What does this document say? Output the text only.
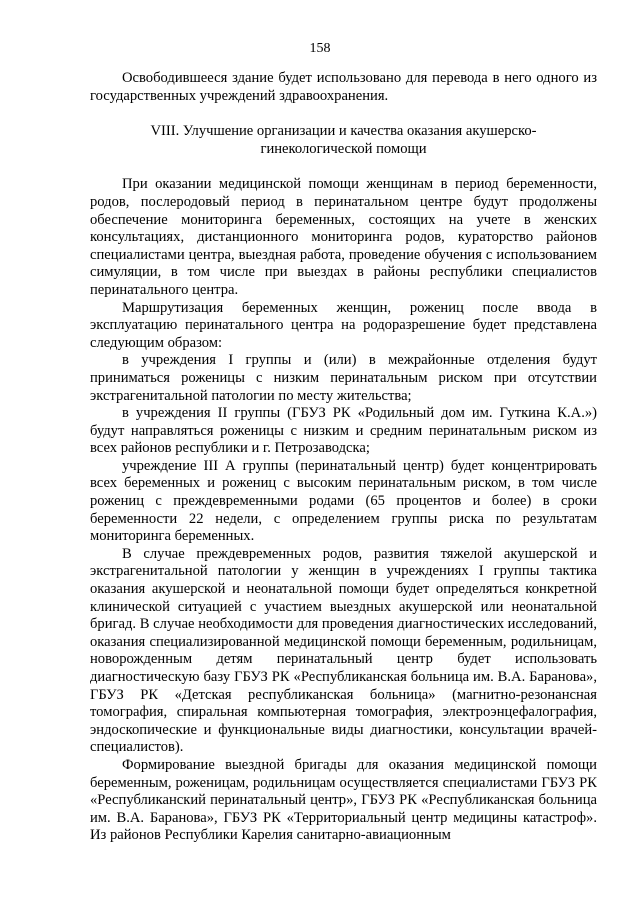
158

Освободившееся здание будет использовано для перевода в него одного из государственных учреждений здравоохранения.

VIII. Улучшение организации и качества оказания акушерско-гинекологической помощи

При оказании медицинской помощи женщинам в период беременности, родов, послеродовый период в перинатальном центре будут продолжены обеспечение мониторинга беременных, состоящих на учете в женских консультациях, дистанционного мониторинга родов, кураторство районов специалистами центра, выездная работа, проведение обучения с использованием симуляции, в том числе при выездах в районы республики специалистов перинатального центра.

Маршрутизация беременных женщин, рожениц после ввода в эксплуатацию перинатального центра на родоразрешение будет представлена следующим образом:

в учреждения I группы и (или) в межрайонные отделения будут приниматься роженицы с низким перинатальным риском при отсутствии экстрагенитальной патологии по месту жительства;

в учреждения II группы (ГБУЗ РК «Родильный дом им. Гуткина К.А.») будут направляться роженицы с низким и средним перинатальным риском из всех районов республики и г. Петрозаводска;

учреждение III А группы (перинатальный центр) будет концентрировать всех беременных и рожениц с высоким перинатальным риском, в том числе рожениц с преждевременными родами (65 процентов и более) в сроки беременности 22 недели, с определением группы риска по результатам мониторинга беременных.

В случае преждевременных родов, развития тяжелой акушерской и экстрагенитальной патологии у женщин в учреждениях I группы тактика оказания акушерской и неонатальной помощи будет определяться конкретной клинической ситуацией с участием выездных акушерской или неонатальной бригад. В случае необходимости для проведения диагностических исследований, оказания специализированной медицинской помощи беременным, родильницам, новорожденным детям перинатальный центр будет использовать диагностическую базу ГБУЗ РК «Республиканская больница им. В.А. Баранова», ГБУЗ РК «Детская республиканская больница» (магнитно-резонансная томография, спиральная компьютерная томография, электроэнцефалография, эндоскопические и функциональные виды диагностики, консультации врачей-специалистов).

Формирование выездной бригады для оказания медицинской помощи беременным, роженицам, родильницам осуществляется специалистами ГБУЗ РК «Республиканский перинатальный центр», ГБУЗ РК «Республиканская больница им. В.А. Баранова», ГБУЗ РК «Территориальный центр медицины катастроф». Из районов Республики Карелия санитарно-авиационным
